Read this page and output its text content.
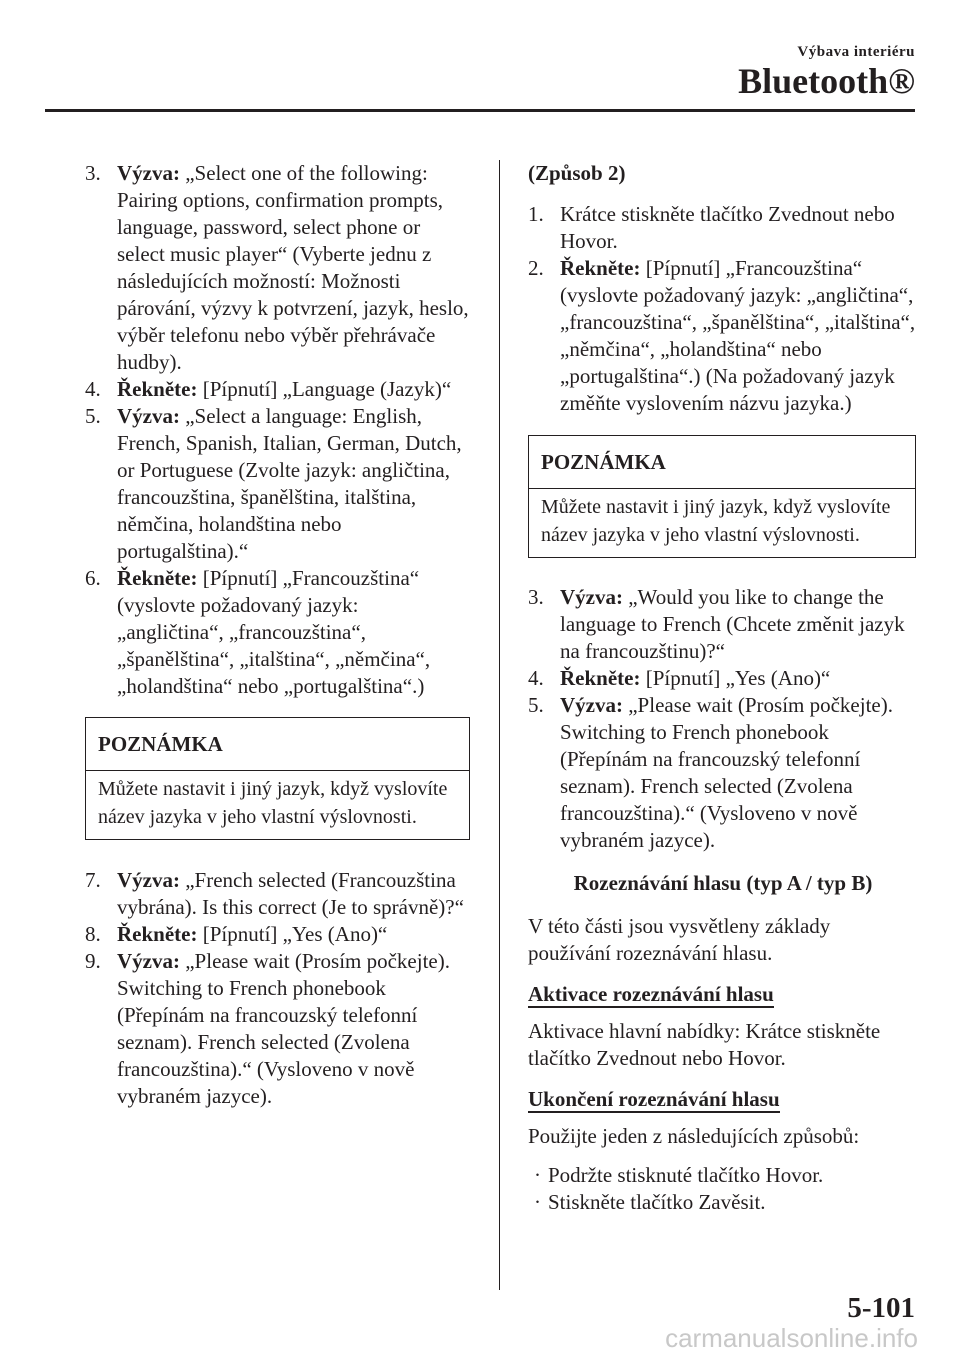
Výbava interiéru
Bluetooth®
3. Výzva: „Select one of the following: Pairing options, confirmation prompts, language, password, select phone or select music player“ (Vyberte jednu z následujících možností: Možnosti párování, výzvy k potvrzení, jazyk, heslo, výběr telefonu nebo výběr přehrávače hudby).
4. Řekněte: [Pípnutí] „Language (Jazyk)“
5. Výzva: „Select a language: English, French, Spanish, Italian, German, Dutch, or Portuguese (Zvolte jazyk: angličtina, francouzština, španělština, italština, němčina, holandština nebo portugalština).“
6. Řekněte: [Pípnutí] „Francouzština“ (vyslovte požadovaný jazyk: „angličtina“, „francouzština“, „španělština“, „italština“, „němčina“, „holandština“ nebo „portugalština“.)
POZNÁMKA
Můžete nastavit i jiný jazyk, když vyslovíte název jazyka v jeho vlastní výslovnosti.
7. Výzva: „French selected (Francouzština vybrána). Is this correct (Je to správně)?“
8. Řekněte: [Pípnutí] „Yes (Ano)“
9. Výzva: „Please wait (Prosím počkejte). Switching to French phonebook (Přepínám na francouzský telefonní seznam). French selected (Zvolena francouzština).“ (Vysloveno v nově vybraném jazyce).
(Způsob 2)
1. Krátce stiskněte tlačítko Zvednout nebo Hovor.
2. Řekněte: [Pípnutí] „Francouzština“ (vyslovte požadovaný jazyk: „angličtina“, „francouzština“, „španělština“, „italština“, „němčina“, „holandština“ nebo „portugalština“.) (Na požadovaný jazyk změňte vyslovením názvu jazyka.)
POZNÁMKA
Můžete nastavit i jiný jazyk, když vyslovíte název jazyka v jeho vlastní výslovnosti.
3. Výzva: „Would you like to change the language to French (Chcete změnit jazyk na francouzštinu)?“
4. Řekněte: [Pípnutí] „Yes (Ano)“
5. Výzva: „Please wait (Prosím počkejte). Switching to French phonebook (Přepínám na francouzský telefonní seznam). French selected (Zvolena francouzština).“ (Vysloveno v nově vybraném jazyce).
Rozeznávání hlasu (typ A / typ B)
V této části jsou vysvětleny základy používání rozeznávání hlasu.
Aktivace rozeznávání hlasu
Aktivace hlavní nabídky: Krátce stiskněte tlačítko Zvednout nebo Hovor.
Ukončení rozeznávání hlasu
Použijte jeden z následujících způsobů:
· Podržte stisknuté tlačítko Hovor.
· Stiskněte tlačítko Zavěsit.
5-101
carmanualsonline.info
